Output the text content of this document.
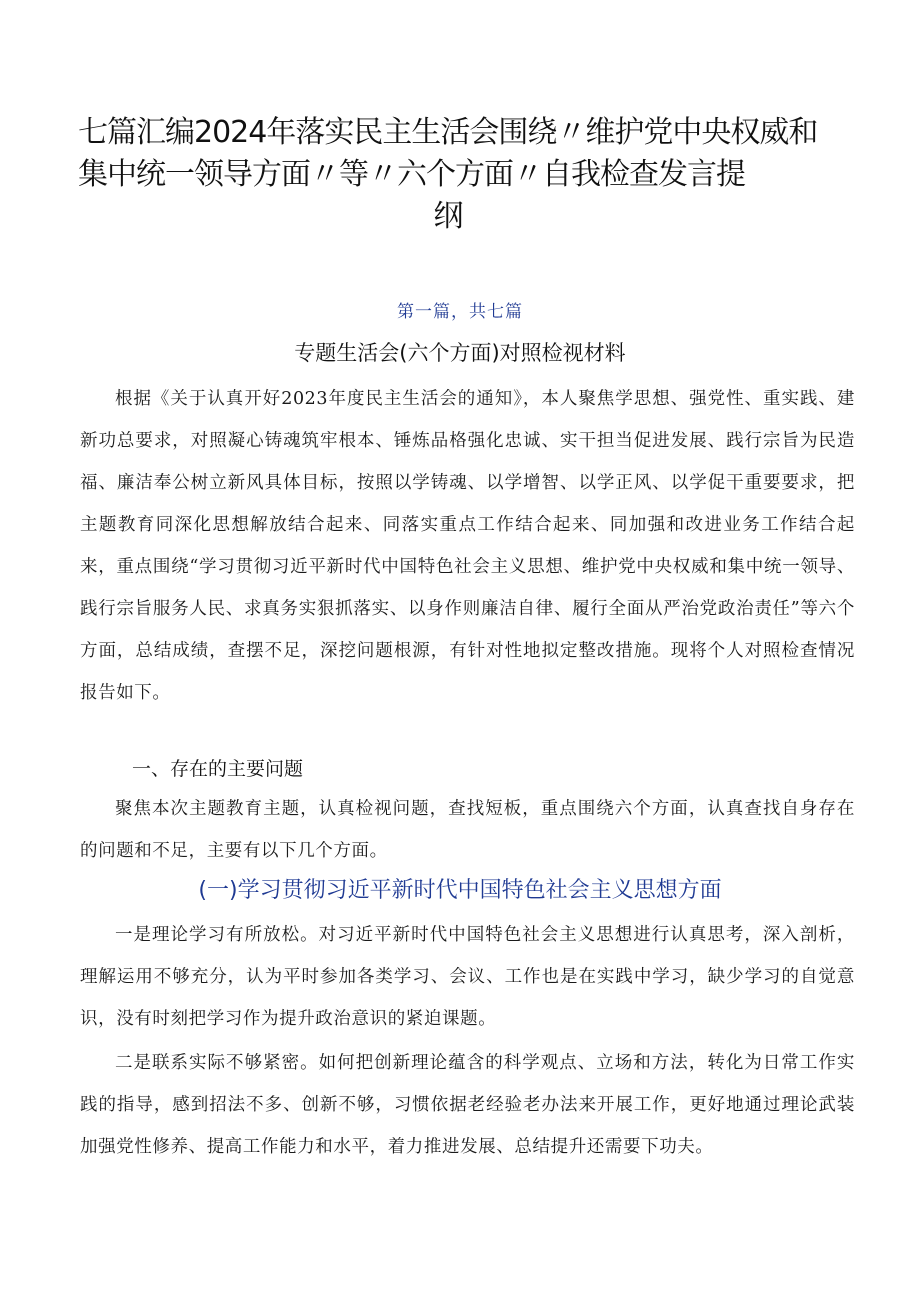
七篇汇编2024年落实民主生活会围绕〃维护党中央权威和
集中统一领导方面〃等〃六个方面〃自我检查发言提
纲
第一篇，共七篇
专题生活会(六个方面)对照检视材料

根据《关于认真开好2023年度民主生活会的通知》，本人聚焦学思想、强党性、重实践、建新功总要求，对照凝心铸魂筑牢根本、锤炼品格强化忠诚、实干担当促进发展、践行宗旨为民造福、廉洁奉公树立新风具体目标，按照以学铸魂、以学增智、以学正风、以学促干重要要求，把主题教育同深化思想解放结合起来、同落实重点工作结合起来、同加强和改进业务工作结合起来，重点围绕“学习贯彻习近平新时代中国特色社会主义思想、维护党中央权威和集中统一领导、践行宗旨服务人民、求真务实狠抓落实、以身作则廉洁自律、履行全面从严治党政治责任”等六个方面，总结成绩，查摆不足，深挖问题根源，有针对性地拟定整改措施。现将个人对照检查情况报告如下。

一、存在的主要问题

聚焦本次主题教育主题，认真检视问题，查找短板，重点围绕六个方面，认真查找自身存在的问题和不足，主要有以下几个方面。

(一)学习贯彻习近平新时代中国特色社会主义思想方面

一是理论学习有所放松。对习近平新时代中国特色社会主义思想进行认真思考，深入剖析，理解运用不够充分，认为平时参加各类学习、会议、工作也是在实践中学习，缺少学习的自觉意识，没有时刻把学习作为提升政治意识的紧迫课题。

二是联系实际不够紧密。如何把创新理论蕴含的科学观点、立场和方法，转化为日常工作实践的指导，感到招法不多、创新不够，习惯依据老经验老办法来开展工作，更好地通过理论武装加强党性修养、提高工作能力和水平，着力推进发展、总结提升还需要下功夫。
